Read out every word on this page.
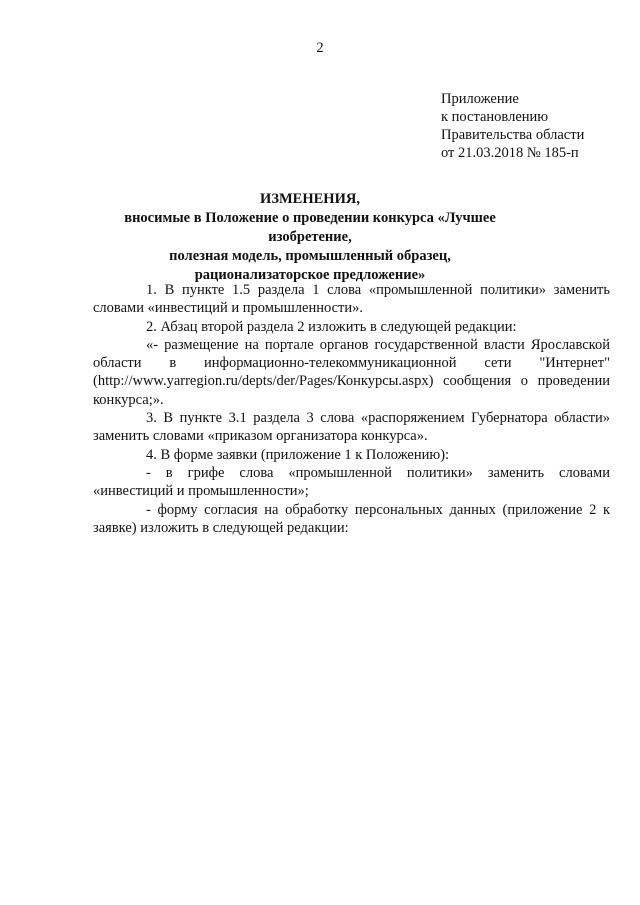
2
Приложение
к постановлению
Правительства области
от 21.03.2018 № 185-п
ИЗМЕНЕНИЯ,
вносимые в Положение о проведении конкурса «Лучшее изобретение,
полезная модель, промышленный образец,
рационализаторское предложение»

1. В пункте 1.5 раздела 1 слова «промышленной политики» заменить словами «инвестиций и промышленности».

2. Абзац второй раздела 2 изложить в следующей редакции:

«- размещение на портале органов государственной власти Ярославской области в информационно-телекоммуникационной сети "Интернет" (http://www.yarregion.ru/depts/der/Pages/Конкурсы.aspx) сообщения о проведении конкурса;».

3. В пункте 3.1 раздела 3 слова «распоряжением Губернатора области» заменить словами «приказом организатора конкурса».

4. В форме заявки (приложение 1 к Положению):

- в грифе слова «промышленной политики» заменить словами «инвестиций и промышленности»;

- форму согласия на обработку персональных данных (приложение 2 к заявке) изложить в следующей редакции:
